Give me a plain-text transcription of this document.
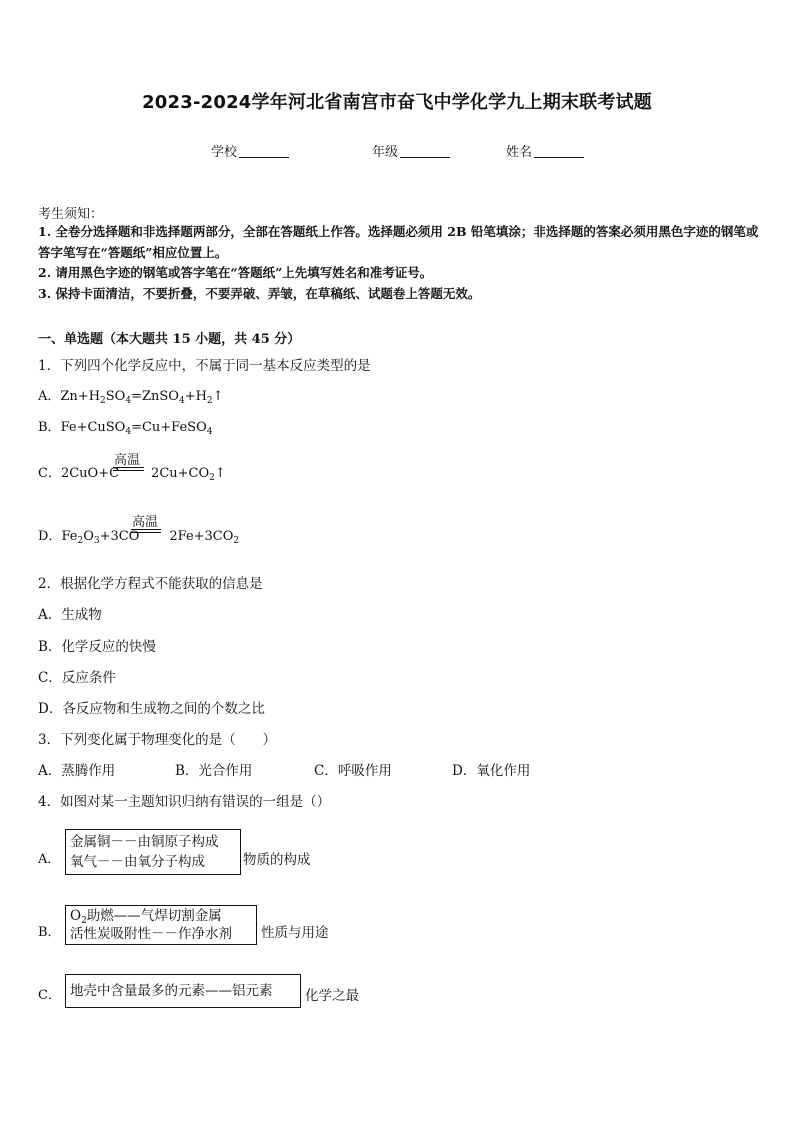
2023-2024学年河北省南宫市奋飞中学化学九上期末联考试题
学校	年级	姓名
考生须知：
1. 全卷分选择题和非选择题两部分，全部在答题纸上作答。选择题必须用 2B 铅笔填涂；非选择题的答案必须用黑色字迹的钢笔或答字笔写在“答题纸”相应位置上。
2. 请用黑色字迹的钢笔或答字笔在“答题纸”上先填写姓名和准考证号。
3. 保持卡面清洁，不要折叠，不要弄破、弄皱，在草稿纸、试题卷上答题无效。
一、单选题（本大题共 15 小题，共 45 分）
1．下列四个化学反应中，不属于同一基本反应类型的是
A．$Zn+H_2SO_4=ZnSO_4+H_2↑$
B．Fe+CuSO$_4$=Cu+FeSO$_4$
C．2CuO+C $2Cu+CO_2↑$
高温
D．$Fe_2O_3+3CO$ $2Fe+3CO_2$
高温
2．根据化学方程式不能获取的信息是
A．生成物
B．化学反应的快慢
C．反应条件
D．各反应物和生成物之间的个数之比
3．下列变化属于物理变化的是（　　）
A．蒸腾作用	B．光合作用	C．呼吸作用	D．氧化作用
4．如图对某一主题知识归纳有错误的一组是（）
A．
金属铜－－由铜原子构成
氧气－－由氧分子构成	物质的构成
B．
$O_2$助燃——气焊切割金属
活性炭吸附性－－作净水剂	性质与用途
C． 地壳中含量最多的元素——铝元素	化学之最
